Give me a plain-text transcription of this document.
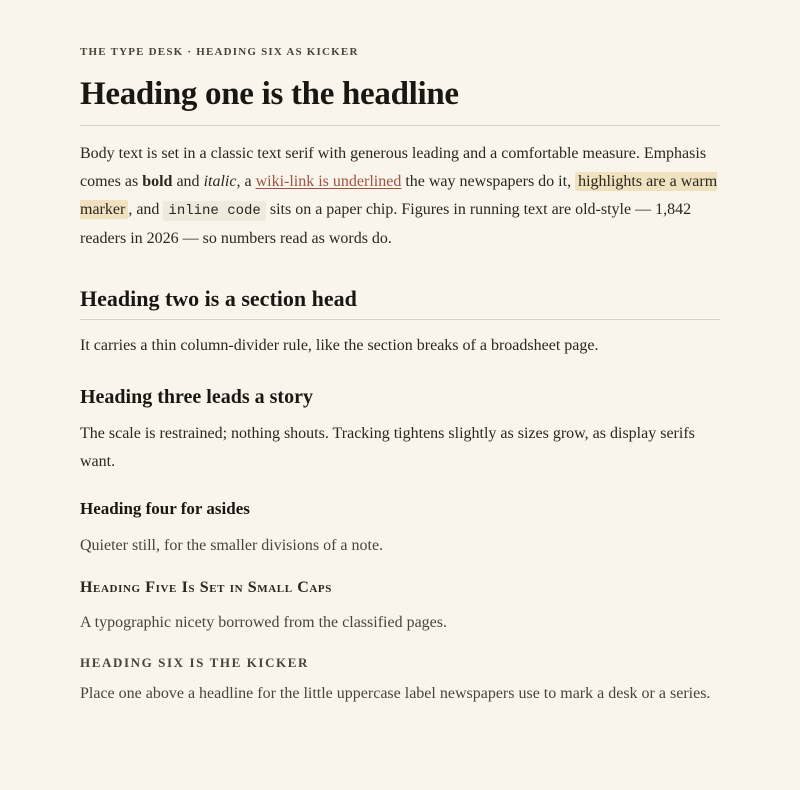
THE TYPE DESK · HEADING SIX AS KICKER

Heading one is the headline

Body text is set in a classic text serif with generous leading and a comfortable measure. Emphasis comes as bold and italic, a wiki-link is underlined the way newspapers do it, highlights are a warm marker , and inline code sits on a paper chip. Figures in running text are old-style — 1,842 readers in 2026 — so numbers read as words do.

Heading two is a section head

It carries a thin column-divider rule, like the section breaks of a broadsheet page.

Heading three leads a story

The scale is restrained; nothing shouts. Tracking tightens slightly as sizes grow, as display serifs want.

Heading four for asides

Quieter still, for the smaller divisions of a note.

Heading Five Is Set in Small Caps

A typographic nicety borrowed from the classified pages.

HEADING SIX IS THE KICKER

Place one above a headline for the little uppercase label newspapers use to mark a desk or a series.
